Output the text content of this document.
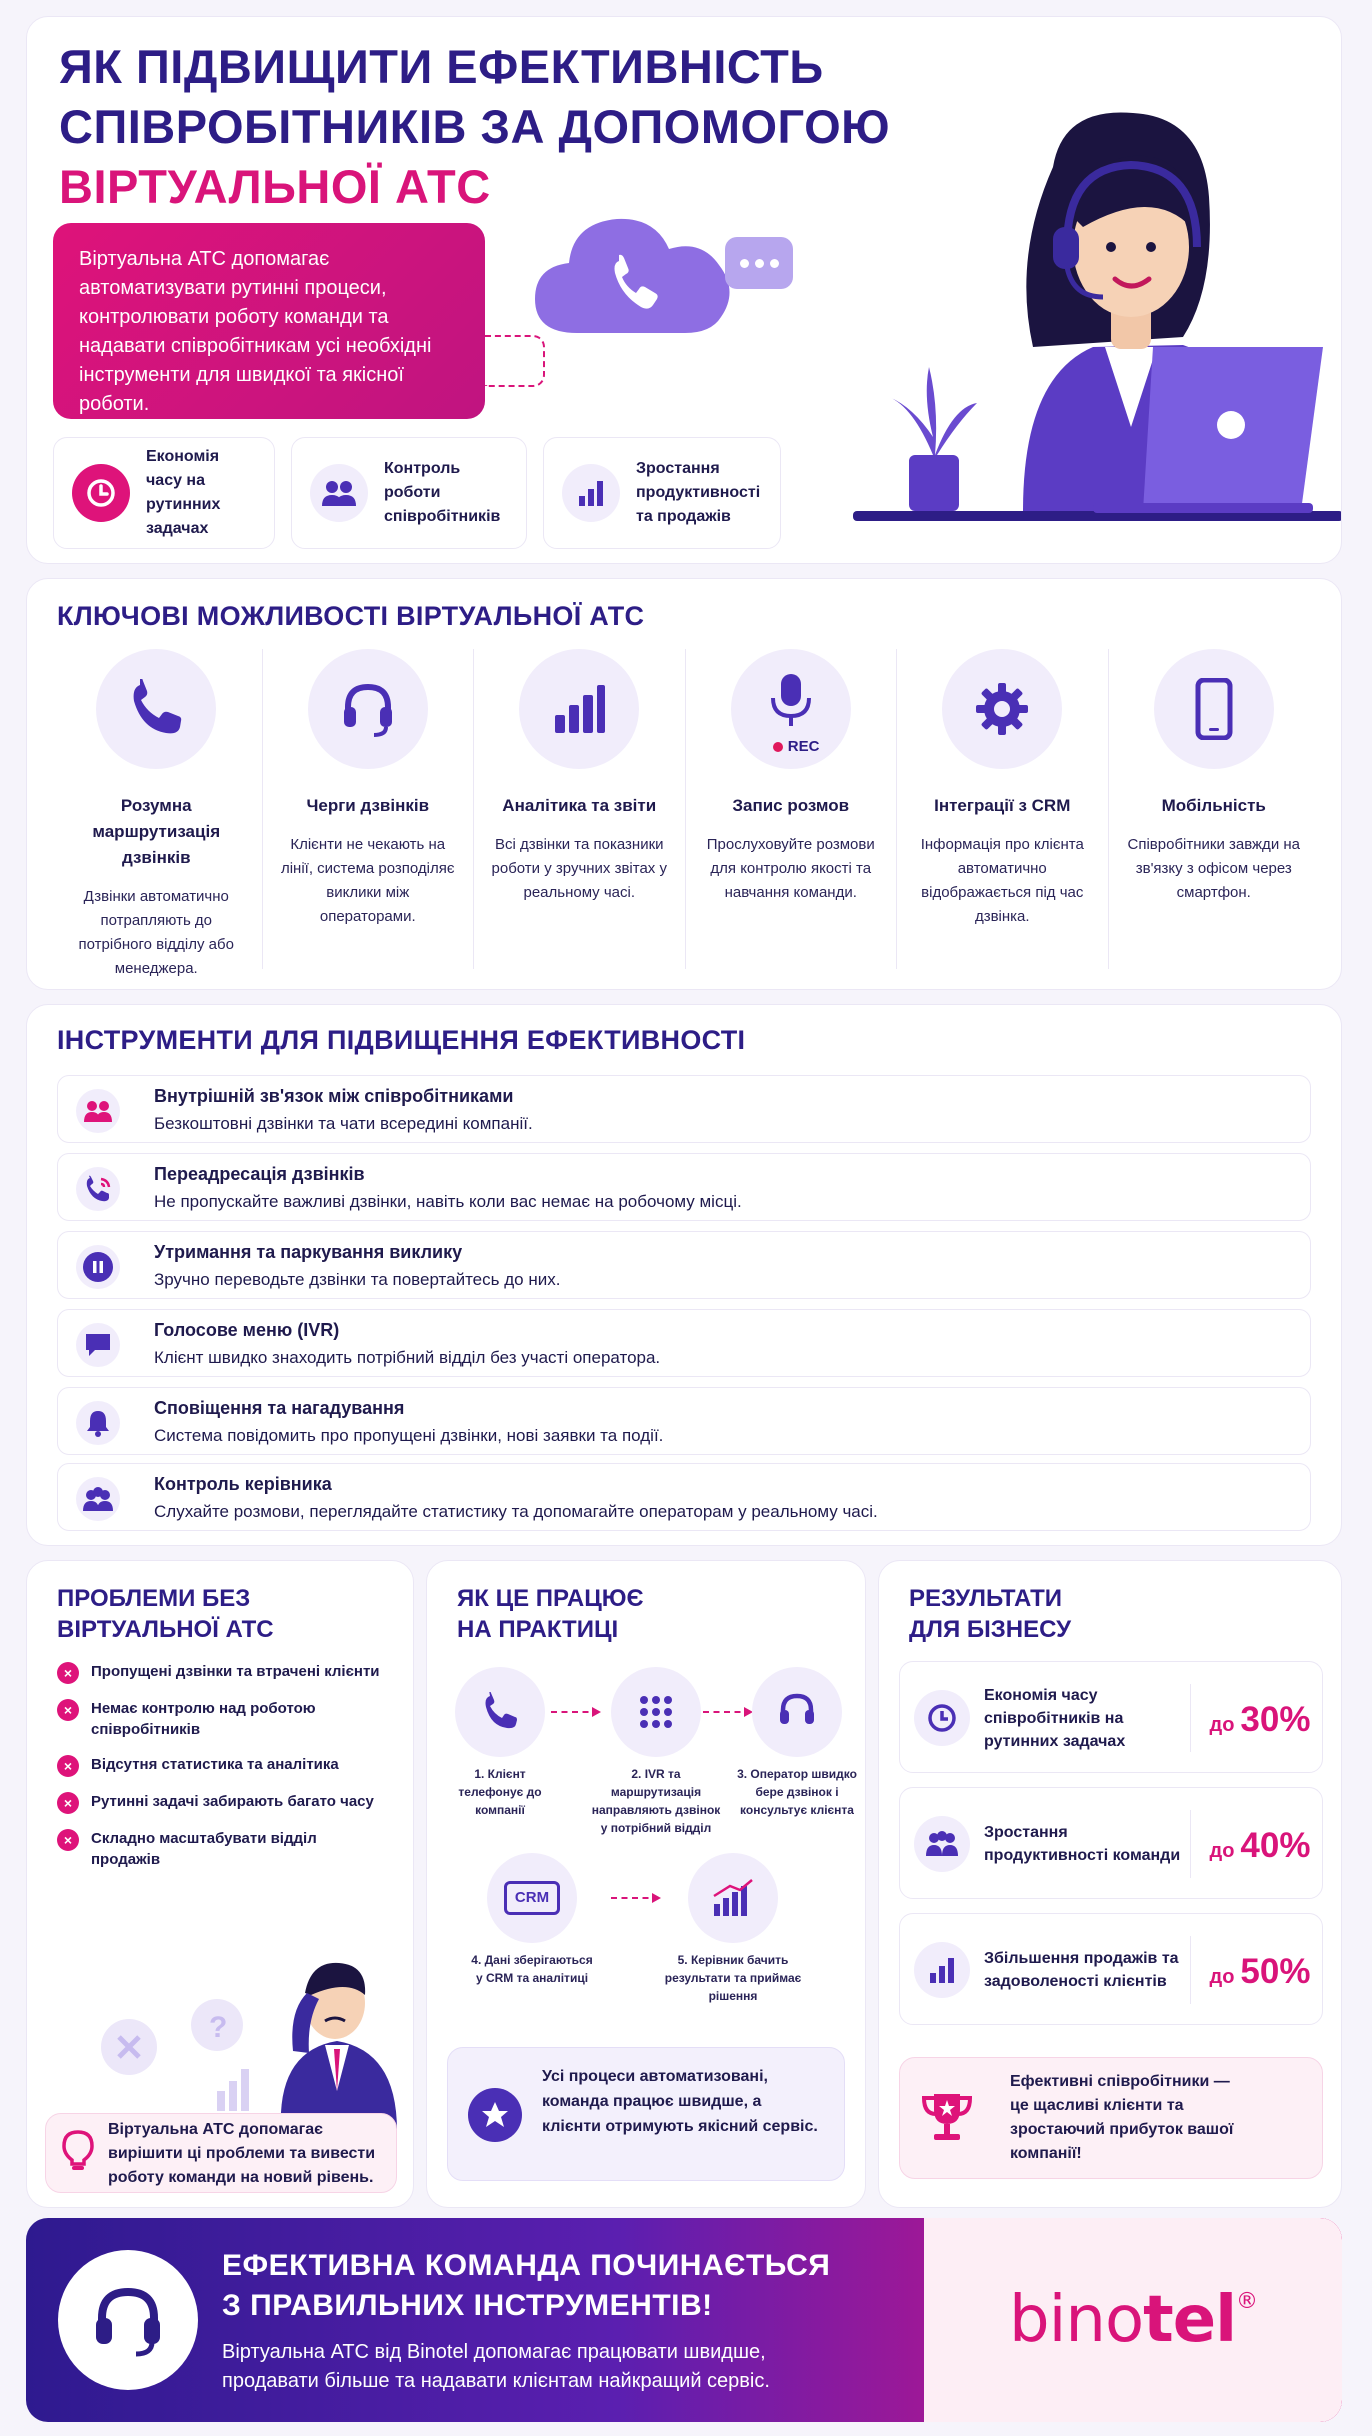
ЯК ПІДВИЩИТИ ЕФЕКТИВНІСТЬ
СПІВРОБІТНИКІВ ЗА ДОПОМОГОЮ
ВІРТУАЛЬНОЇ АТС
Віртуальна АТС допомагає автоматизувати рутинні процеси, контролювати роботу команди та надавати співробітникам усі необхідні інструменти для швидкої та якісної роботи.
Економія часу на рутинних задачах
Контроль роботи співробітників
Зростання продуктивності та продажів
КЛЮЧОВІ МОЖЛИВОСТІ ВІРТУАЛЬНОЇ АТС
Розумна маршрутизація дзвінків
Дзвінки автоматично потрапляють до потрібного відділу або менеджера.
Черги дзвінків
Клієнти не чекають на лінії, система розподіляє виклики між операторами.
Аналітика та звіти
Всі дзвінки та показники роботи у зручних звітах у реальному часі.
REC
Запис розмов
Прослуховуйте розмови для контролю якості та навчання команди.
Інтеграції з CRM
Інформація про клієнта автоматично відображається під час дзвінка.
Мобільність
Співробітники завжди на зв'язку з офісом через смартфон.
ІНСТРУМЕНТИ ДЛЯ ПІДВИЩЕННЯ ЕФЕКТИВНОСТІ
Внутрішній зв'язок між співробітниками
Безкоштовні дзвінки та чати всередині компанії.
Переадресація дзвінків
Не пропускайте важливі дзвінки, навіть коли вас немає на робочому місці.
Утримання та паркування виклику
Зручно переводьте дзвінки та повертайтесь до них.
Голосове меню (IVR)
Клієнт швидко знаходить потрібний відділ без участі оператора.
Сповіщення та нагадування
Система повідомить про пропущені дзвінки, нові заявки та події.
Контроль керівника
Слухайте розмови, переглядайте статистику та допомагайте операторам у реальному часі.
ПРОБЛЕМИ БЕЗ
ВІРТУАЛЬНОЇ АТС
×	Пропущені дзвінки та втрачені клієнти
×	Немає контролю над роботою співробітників
×	Відсутня статистика та аналітика
×	Рутинні задачі забирають багато часу
×	Складно масштабувати відділ продажів
?
Віртуальна АТС допомагає вирішити ці проблеми та вивести роботу команди на новий рівень.
ЯК ЦЕ ПРАЦЮЄ
НА ПРАКТИЦІ
1. Клієнт телефонує до компанії
2. IVR та маршрутизація направляють дзвінок у потрібний відділ
3. Оператор швидко бере дзвінок і консультує клієнта
CRM
4. Дані зберігаються у CRM та аналітиці
5. Керівник бачить результати та приймає рішення
Усі процеси автоматизовані, команда працює швидше, а клієнти отримують якісний сервіс.
РЕЗУЛЬТАТИ
ДЛЯ БІЗНЕСУ
Економія часу співробітників на рутинних задачах
до 30%
Зростання продуктивності команди до 40%
Збільшення продажів та задоволеності клієнтів	до 50%
Ефективні співробітники — це щасливі клієнти та зростаючий прибуток вашої компанії!
ЕФЕКТИВНА КОМАНДА ПОЧИНАЄТЬСЯ
З ПРАВИЛЬНИХ ІНСТРУМЕНТІВ!
Віртуальна АТС від Binotel допомагає працювати швидше,
продавати більше та надавати клієнтам найкращий сервіс.
binotel®
